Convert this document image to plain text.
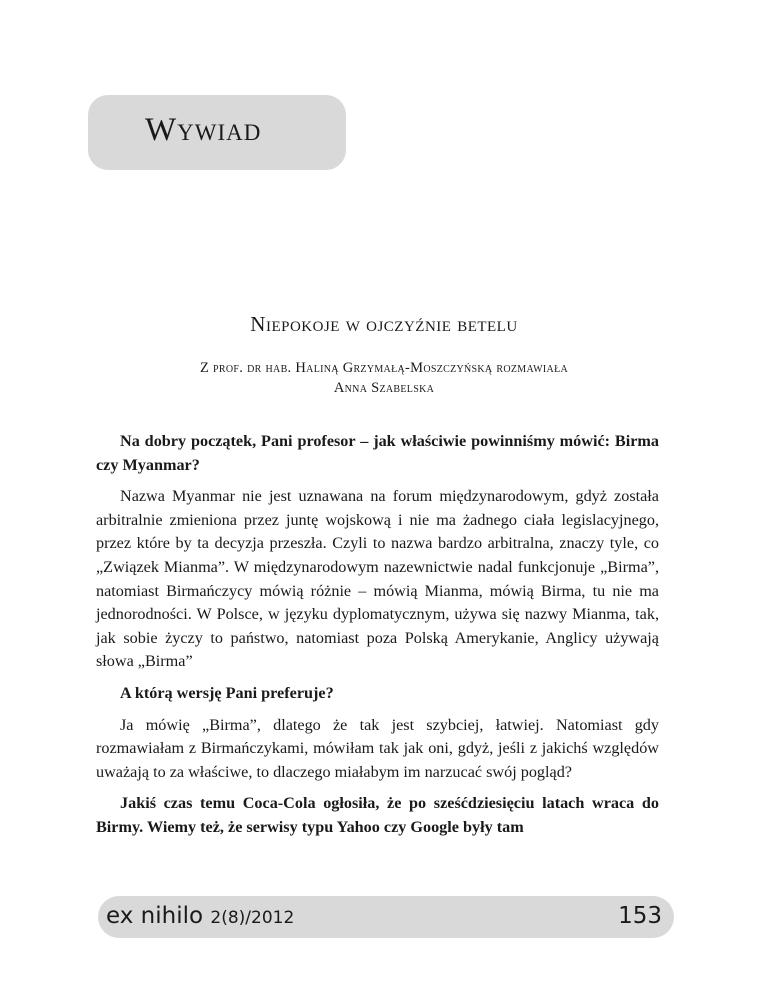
Wywiad
Niepokoje w ojczyźnie betelu
Z prof. dr hab. Haliną Grzymałą-Moszczyńską rozmawiała
Anna Szabelska

Na dobry początek, Pani profesor – jak właściwie powinniśmy mówić: Birma czy Myanmar?

Nazwa Myanmar nie jest uznawana na forum międzynarodowym, gdyż została arbitralnie zmieniona przez juntę wojskową i nie ma żadnego ciała legislacyjnego, przez które by ta decyzja przeszła. Czyli to nazwa bardzo arbitralna, znaczy tyle, co „Związek Mianma”. W międzynarodowym nazewnictwie nadal funkcjonuje „Birma”, natomiast Birmańczycy mówią różnie – mówią Mianma, mówią Birma, tu nie ma jednorodności. W Polsce, w języku dyplomatycznym, używa się nazwy Mianma, tak, jak sobie życzy to państwo, natomiast poza Polską Amerykanie, Anglicy używają słowa „Birma”

A którą wersję Pani preferuje?

Ja mówię „Birma”, dlatego że tak jest szybciej, łatwiej. Natomiast gdy rozmawiałam z Birmańczykami, mówiłam tak jak oni, gdyż, jeśli z jakichś względów uważają to za właściwe, to dlaczego miałabym im narzucać swój pogląd?

Jakiś czas temu Coca-Cola ogłosiła, że po sześćdziesięciu latach wraca do Birmy. Wiemy też, że serwisy typu Yahoo czy Google były tam

ex nihilo 2(8)/2012	153
